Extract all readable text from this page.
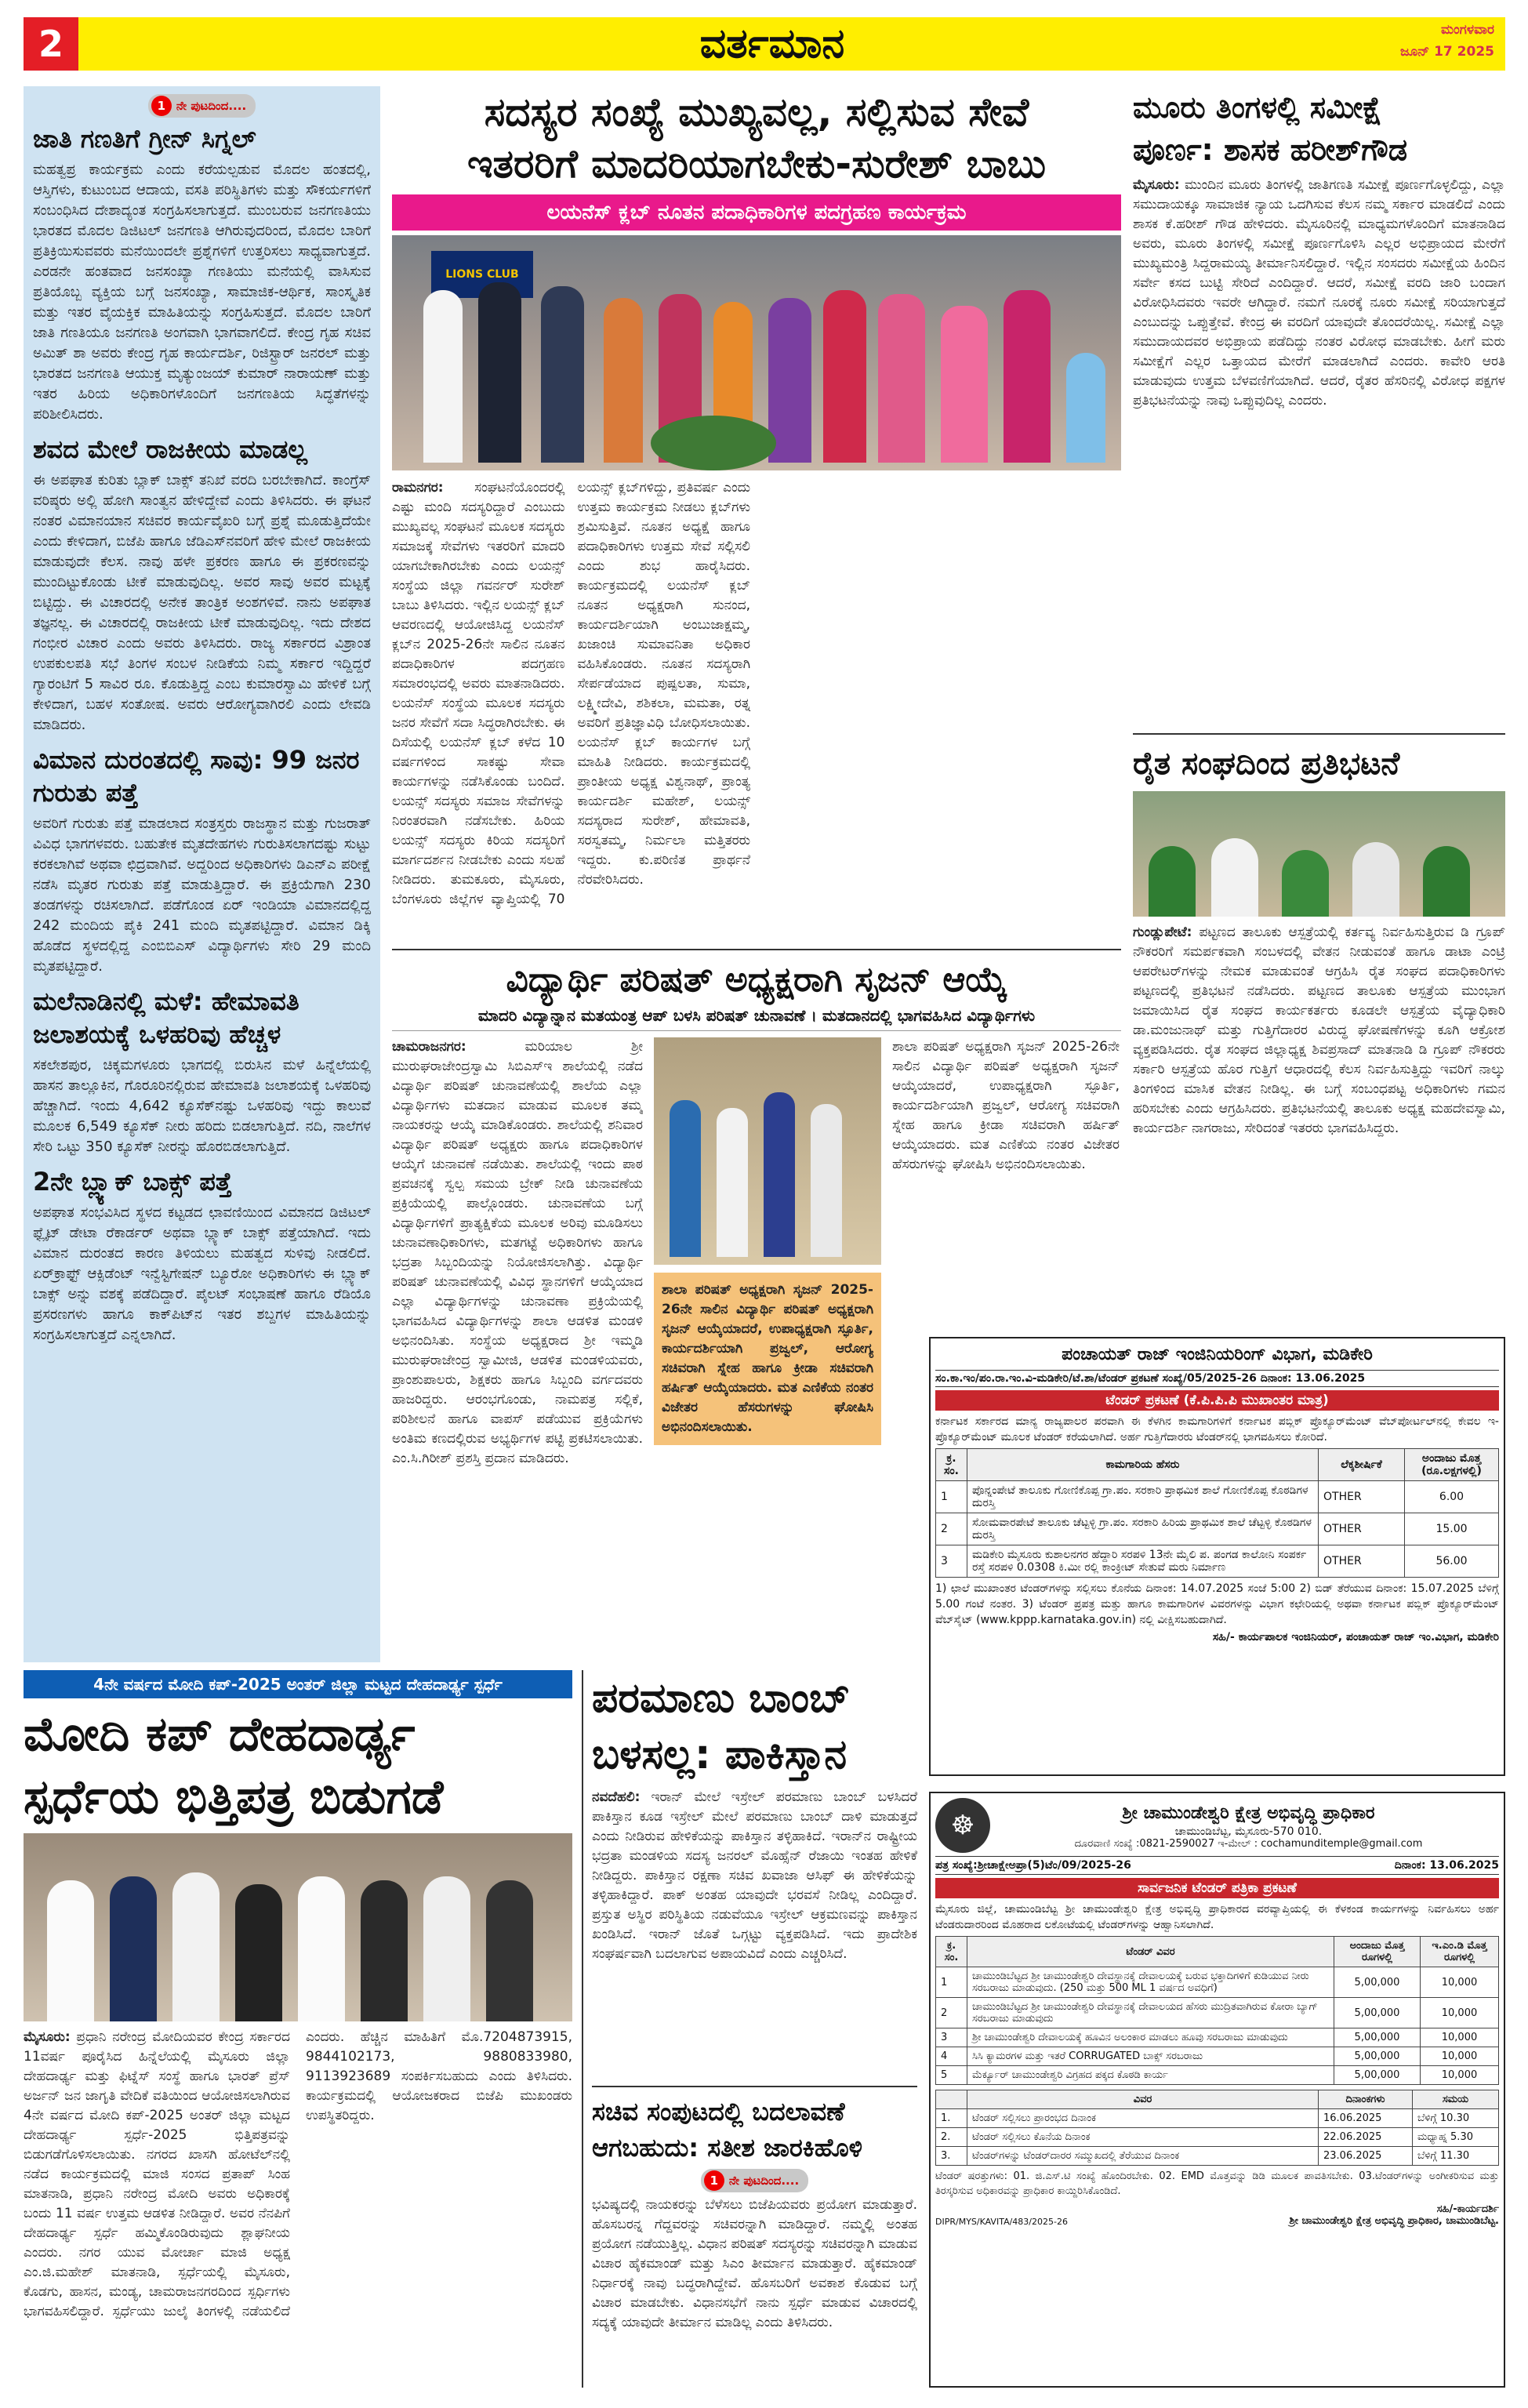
2	ವರ್ತಮಾನ	ಮಂಗಳವಾರ
ಜೂನ್ 17 2025
1 ನೇ ಪುಟದಿಂದ....
ಜಾತಿ ಗಣತಿಗೆ ಗ್ರೀನ್ ಸಿಗ್ನಲ್
ಮಹತ್ವಪ್ರ ಕಾರ್ಯಕ್ರಮ ಎಂದು ಕರೆಯಲ್ಪಡುವ ಮೊದಲ ಹಂತದಲ್ಲಿ, ಆಸ್ತಿಗಳು, ಕುಟುಂಬದ ಆದಾಯ, ವಸತಿ ಪರಿಸ್ಥಿತಿಗಳು ಮತ್ತು ಸೌಕರ್ಯಗಳಿಗೆ ಸಂಬಂಧಿಸಿದ ದೇಶಾದ್ಯಂತ ಸಂಗ್ರಹಿಸಲಾಗುತ್ತದೆ. ಮುಂಬರುವ ಜನಗಣತಿಯು ಭಾರತದ ಮೊದಲ ಡಿಜಿಟಲ್ ಜನಗಣತಿ ಆಗಿರುವುದರಿಂದ, ಮೊದಲ ಬಾರಿಗೆ ಪ್ರತಿಕ್ರಿಯಿಸುವವರು ಮನೆಯಿಂದಲೇ ಪ್ರಶ್ನೆಗಳಿಗೆ ಉತ್ತರಿಸಲು ಸಾಧ್ಯವಾಗುತ್ತದೆ. ಎರಡನೇ ಹಂತವಾದ ಜನಸಂಖ್ಯಾ ಗಣತಿಯು ಮನೆಯಲ್ಲಿ ವಾಸಿಸುವ ಪ್ರತಿಯೊಬ್ಬ ವ್ಯಕ್ತಿಯ ಬಗ್ಗೆ ಜನಸಂಖ್ಯಾ, ಸಾಮಾಜಿಕ-ಆರ್ಥಿಕ, ಸಾಂಸ್ಕೃತಿಕ ಮತ್ತು ಇತರ ವೈಯಕ್ತಿಕ ಮಾಹಿತಿಯನ್ನು ಸಂಗ್ರಹಿಸುತ್ತದೆ. ಮೊದಲ ಬಾರಿಗೆ ಜಾತಿ ಗಣತಿಯೂ ಜನಗಣತಿ ಅಂಗವಾಗಿ ಭಾಗವಾಗಲಿದೆ. ಕೇಂದ್ರ ಗೃಹ ಸಚಿವ ಅಮಿತ್ ಶಾ ಅವರು ಕೇಂದ್ರ ಗೃಹ ಕಾರ್ಯದರ್ಶಿ, ರಿಜಿಸ್ಟ್ರಾರ್ ಜನರಲ್ ಮತ್ತು ಭಾರತದ ಜನಗಣತಿ ಆಯುಕ್ತ ಮೃತ್ಯುಂಜಯ್ ಕುಮಾರ್ ನಾರಾಯಣ್ ಮತ್ತು ಇತರ ಹಿರಿಯ ಅಧಿಕಾರಿಗಳೊಂದಿಗೆ ಜನಗಣತಿಯ ಸಿದ್ಧತೆಗಳನ್ನು ಪರಿಶೀಲಿಸಿದರು.
ಶವದ ಮೇಲೆ ರಾಜಕೀಯ ಮಾಡಲ್ಲ
ಈ ಅಪಘಾತ ಕುರಿತು ಬ್ಲಾಕ್ ಬಾಕ್ಸ್ ತನಿಖೆ ವರದಿ ಬರಬೇಕಾಗಿದೆ. ಕಾಂಗ್ರೆಸ್ ವರಿಷ್ಠರು ಅಲ್ಲಿ ಹೋಗಿ ಸಾಂತ್ವನ ಹೇಳಿದ್ದೇವೆ ಎಂದು ತಿಳಿಸಿದರು. ಈ ಘಟನೆ ನಂತರ ವಿಮಾನಯಾನ ಸಚಿವರ ಕಾರ್ಯವೈಖರಿ ಬಗ್ಗೆ ಪ್ರಶ್ನೆ ಮೂಡುತ್ತಿದೆಯೇ ಎಂದು ಕೇಳಿದಾಗ, ಬಿಜೆಪಿ ಹಾಗೂ ಜೆಡಿಎಸ್‌ನವರಿಗೆ ಹೇಳಿ ಮೇಲೆ ರಾಜಕೀಯ ಮಾಡುವುದೇ ಕೆಲಸ. ನಾವು ಹಳೇ ಪ್ರಕರಣ ಹಾಗೂ ಈ ಪ್ರಕರಣವನ್ನು ಮುಂದಿಟ್ಟುಕೊಂಡು ಟೀಕೆ ಮಾಡುವುದಿಲ್ಲ. ಅವರ ಸಾವು ಅವರ ಮಟ್ಟಕ್ಕೆ ಬಿಟ್ಟಿದ್ದು. ಈ ವಿಚಾರದಲ್ಲಿ ಅನೇಕ ತಾಂತ್ರಿಕ ಅಂಶಗಳಿವೆ. ನಾನು ಅಪಘಾತ ತಜ್ಞನಲ್ಲ. ಈ ವಿಚಾರದಲ್ಲಿ ರಾಜಕೀಯ ಟೀಕೆ ಮಾಡುವುದಿಲ್ಲ. ಇದು ದೇಶದ ಗಂಭೀರ ವಿಚಾರ ಎಂದು ಅವರು ತಿಳಿಸಿದರು. ರಾಜ್ಯ ಸರ್ಕಾರದ ವಿಶ್ರಾಂತ ಉಪಕುಲಪತಿ ಸಭೆ ತಿಂಗಳ ಸಂಬಳ ನೀಡಿಕೆಯ ನಿಮ್ಮ ಸರ್ಕಾರ ಇದ್ದಿದ್ದರೆ ಗ್ಯಾರಂಟಿಗೆ 5 ಸಾವಿರ ರೂ. ಕೊಡುತ್ತಿದ್ದ ಎಂಬ ಕುಮಾರಸ್ವಾಮಿ ಹೇಳಿಕೆ ಬಗ್ಗೆ ಕೇಳಿದಾಗ, ಬಹಳ ಸಂತೋಷ. ಅವರು ಆರೋಗ್ಯವಾಗಿರಲಿ ಎಂದು ಲೇವಡಿ ಮಾಡಿದರು.
ವಿಮಾನ ದುರಂತದಲ್ಲಿ ಸಾವು: 99 ಜನರ ಗುರುತು ಪತ್ತೆ
ಅವರಿಗೆ ಗುರುತು ಪತ್ತೆ ಮಾಡಲಾದ ಸಂತ್ರಸ್ತರು ರಾಜಸ್ಥಾನ ಮತ್ತು ಗುಜರಾತ್ ವಿವಿಧ ಭಾಗಗಳವರು. ಬಹುತೇಕ ಮೃತದೇಹಗಳು ಗುರುತಿಸಲಾಗದಷ್ಟು ಸುಟ್ಟು ಕರಕಲಾಗಿವೆ ಅಥವಾ ಛಿದ್ರವಾಗಿವೆ. ಅದ್ದರಿಂದ ಅಧಿಕಾರಿಗಳು ಡಿಎನ್‌ಎ ಪರೀಕ್ಷೆ ನಡೆಸಿ ಮೃತರ ಗುರುತು ಪತ್ತೆ ಮಾಡುತ್ತಿದ್ದಾರೆ. ಈ ಪ್ರಕ್ರಿಯೆಗಾಗಿ 230 ತಂಡಗಳನ್ನು ರಚಿಸಲಾಗಿದೆ. ಪಡೆಗೊಂಡ ಏರ್ ಇಂಡಿಯಾ ವಿಮಾನದಲ್ಲಿದ್ದ 242 ಮಂದಿಯ ಪೈಕಿ 241 ಮಂದಿ ಮೃತಪಟ್ಟಿದ್ದಾರೆ. ವಿಮಾನ ಡಿಕ್ಕಿ ಹೊಡೆದ ಸ್ಥಳದಲ್ಲಿದ್ದ ಎಂಬಿಬಿಎಸ್ ವಿದ್ಯಾರ್ಥಿಗಳು ಸೇರಿ 29 ಮಂದಿ ಮೃತಪಟ್ಟಿದ್ದಾರೆ.
ಮಲೆನಾಡಿನಲ್ಲಿ ಮಳೆ: ಹೇಮಾವತಿ ಜಲಾಶಯಕ್ಕೆ ಒಳಹರಿವು ಹೆಚ್ಚಳ
ಸಕಲೇಶಪುರ, ಚಿಕ್ಕಮಗಳೂರು ಭಾಗದಲ್ಲಿ ಬಿರುಸಿನ ಮಳೆ ಹಿನ್ನೆಲೆಯಲ್ಲಿ ಹಾಸನ ತಾಲ್ಲೂಕಿನ, ಗೊರೂರಿನಲ್ಲಿರುವ ಹೇಮಾವತಿ ಜಲಾಶಯಕ್ಕೆ ಒಳಹರಿವು ಹೆಚ್ಚಾಗಿದೆ. ಇಂದು 4,642 ಕ್ಯೂಸೆಕ್‌ನಷ್ಟು ಒಳಹರಿವು ಇದ್ದು ಕಾಲುವೆ ಮೂಲಕ 6,549 ಕ್ಯೂಸೆಕ್ ನೀರು ಹರಿದು ಬಿಡಲಾಗುತ್ತಿದೆ. ನದಿ, ನಾಲೆಗಳ ಸೇರಿ ಒಟ್ಟು 350 ಕ್ಯೂಸೆಕ್ ನೀರನ್ನು ಹೊರಬಿಡಲಾಗುತ್ತಿದೆ.
2ನೇ ಬ್ಲ್ಯಾಕ್ ಬಾಕ್ಸ್ ಪತ್ತೆ
ಅಪಘಾತ ಸಂಭವಿಸಿದ ಸ್ಥಳದ ಕಟ್ಟಡದ ಛಾವಣಿಯಿಂದ ವಿಮಾನದ ಡಿಜಿಟಲ್ ಫ್ಲೈಟ್ ಡೇಟಾ ರೆಕಾರ್ಡರ್ ಅಥವಾ ಬ್ಲ್ಯಾಕ್ ಬಾಕ್ಸ್ ಪತ್ತೆಯಾಗಿದೆ. ಇದು ವಿಮಾನ ದುರಂತದ ಕಾರಣ ತಿಳಿಯಲು ಮಹತ್ವದ ಸುಳಿವು ನೀಡಲಿದೆ. ಏರ್‌ಕ್ರಾಫ್ಟ್ ಆಕ್ಸಿಡೆಂಟ್ ಇನ್ವೆಸ್ಟಿಗೇಷನ್ ಬ್ಯೂರೋ ಅಧಿಕಾರಿಗಳು ಈ ಬ್ಲ್ಯಾಕ್ ಬಾಕ್ಸ್ ಅನ್ನು ವಶಕ್ಕೆ ಪಡೆದಿದ್ದಾರೆ. ಪೈಲಟ್ ಸಂಭಾಷಣೆ ಹಾಗೂ ರೆಡಿಯೊ ಪ್ರಸರಣಗಳು ಹಾಗೂ ಕಾಕ್‌ಪಿಟ್‌ನ ಇತರ ಶಬ್ದಗಳ ಮಾಹಿತಿಯನ್ನು ಸಂಗ್ರಹಿಸಲಾಗುತ್ತದೆ ಎನ್ನಲಾಗಿದೆ.
ಸದಸ್ಯರ ಸಂಖ್ಯೆ ಮುಖ್ಯವಲ್ಲ, ಸಲ್ಲಿಸುವ ಸೇವೆ
ಇತರರಿಗೆ ಮಾದರಿಯಾಗಬೇಕು-ಸುರೇಶ್ ಬಾಬು
ಲಯನೆಸ್ ಕ್ಲಬ್ ನೂತನ ಪದಾಧಿಕಾರಿಗಳ ಪದಗ್ರಹಣ ಕಾರ್ಯಕ್ರಮ
LIONS CLUB
ರಾಮನಗರ: ಸಂಘಟನೆಯೊಂದರಲ್ಲಿ ಎಷ್ಟು ಮಂದಿ ಸದಸ್ಯರಿದ್ದಾರೆ ಎಂಬುದು ಮುಖ್ಯವಲ್ಲ ಸಂಘಟನೆ ಮೂಲಕ ಸದಸ್ಯರು ಸಮಾಜಕ್ಕೆ ಸೇವೆಗಳು ಇತರರಿಗೆ ಮಾದರಿ ಯಾಗಬೇಕಾಗಿರಬೇಕು ಎಂದು ಲಯನ್ಸ್ ಸಂಸ್ಥೆಯ ಜಿಲ್ಲಾ ಗವರ್ನರ್ ಸುರೇಶ್ ಬಾಬು ತಿಳಿಸಿದರು. ಇಲ್ಲಿನ ಲಯನ್ಸ್ ಕ್ಲಬ್ ಆವರಣದಲ್ಲಿ ಆಯೋಜಿಸಿದ್ದ ಲಯನೆಸ್ ಕ್ಲಬ್‌ನ 2025-26ನೇ ಸಾಲಿನ ನೂತನ ಪದಾಧಿಕಾರಿಗಳ ಪದಗ್ರಹಣ ಸಮಾರಂಭದಲ್ಲಿ ಅವರು ಮಾತನಾಡಿದರು. ಲಯನೆಸ್ ಸಂಸ್ಥೆಯ ಮೂಲಕ ಸದಸ್ಯರು ಜನರ ಸೇವೆಗೆ ಸದಾ ಸಿದ್ಧರಾಗಿರಬೇಕು. ಈ ದಿಸೆಯಲ್ಲಿ ಲಯನೆಸ್ ಕ್ಲಬ್ ಕಳೆದ 10 ವರ್ಷಗಳಿಂದ ಸಾಕಷ್ಟು ಸೇವಾ ಕಾರ್ಯಗಳನ್ನು ನಡೆಸಿಕೊಂಡು ಬಂದಿದೆ. ಲಯನ್ಸ್ ಸದಸ್ಯರು ಸಮಾಜ ಸೇವೆಗಳನ್ನು ನಿರಂತರವಾಗಿ ನಡೆಸಬೇಕು. ಹಿರಿಯ ಲಯನ್ಸ್ ಸದಸ್ಯರು ಕಿರಿಯ ಸದಸ್ಯರಿಗೆ ಮಾರ್ಗದರ್ಶನ ನೀಡಬೇಕು ಎಂದು ಸಲಹೆ ನೀಡಿದರು. ತುಮಕೂರು, ಮೈಸೂರು, ಬೆಂಗಳೂರು ಜಿಲ್ಲೆಗಳ ವ್ಯಾಪ್ತಿಯಲ್ಲಿ 70 ಲಯನ್ಸ್ ಕ್ಲಬ್‌ಗಳಿದ್ದು, ಪ್ರತಿವರ್ಷ ಎಂದು ಉತ್ತಮ ಕಾರ್ಯಕ್ರಮ ನೀಡಲು ಕ್ಲಬ್‌ಗಳು ಶ್ರಮಿಸುತ್ತಿವೆ. ನೂತನ ಅಧ್ಯಕ್ಷೆ ಹಾಗೂ ಪದಾಧಿಕಾರಿಗಳು ಉತ್ತಮ ಸೇವೆ ಸಲ್ಲಿಸಲಿ ಎಂದು ಶುಭ ಹಾರೈಸಿದರು. ಕಾರ್ಯಕ್ರಮದಲ್ಲಿ ಲಯನೆಸ್ ಕ್ಲಬ್ ನೂತನ ಅಧ್ಯಕ್ಷರಾಗಿ ಸುನಂದ, ಕಾರ್ಯದರ್ಶಿಯಾಗಿ ಅಂಬುಜಾಕ್ಷಮ್ಮ, ಖಜಾಂಚಿ ಸುಮಾವನಿತಾ ಅಧಿಕಾರ ವಹಿಸಿಕೊಂಡರು. ನೂತನ ಸದಸ್ಯರಾಗಿ ಸೇರ್ಪಡೆಯಾದ ಪುಷ್ಪಲತಾ, ಸುಮಾ, ಲಕ್ಷ್ಮೀದೇವಿ, ಶಶಿಕಲಾ, ಮಮತಾ, ರತ್ನ ಅವರಿಗೆ ಪ್ರತಿಜ್ಞಾವಿಧಿ ಬೋಧಿಸಲಾಯಿತು. ಲಯನೆಸ್ ಕ್ಲಬ್ ಕಾರ್ಯಗಳ ಬಗ್ಗೆ ಮಾಹಿತಿ ನೀಡಿದರು. ಕಾರ್ಯಕ್ರಮದಲ್ಲಿ ಪ್ರಾಂತೀಯ ಅಧ್ಯಕ್ಷ ವಿಶ್ವನಾಥ್, ಪ್ರಾಂತ್ಯ ಕಾರ್ಯದರ್ಶಿ ಮಹೇಶ್, ಲಯನ್ಸ್ ಸದಸ್ಯರಾದ ಸುರೇಶ್, ಹೇಮಾವತಿ, ಸರಸ್ವತಮ್ಮ, ನಿರ್ಮಲಾ ಮತ್ತಿತರರು ಇದ್ದರು. ಕು.ಪರಿಣಿತ ಪ್ರಾರ್ಥನೆ ನೆರವೇರಿಸಿದರು.
ವಿದ್ಯಾರ್ಥಿ ಪರಿಷತ್ ಅಧ್ಯಕ್ಷರಾಗಿ ಸೃಜನ್ ಆಯ್ಕೆ
ಮಾದರಿ ವಿದ್ಯಾನ್ನಾನ ಮತಯಂತ್ರ ಆಪ್ ಬಳಸಿ ಪರಿಷತ್ ಚುನಾವಣೆ । ಮತದಾನದಲ್ಲಿ ಭಾಗವಹಿಸಿದ ವಿದ್ಯಾರ್ಥಿಗಳು
ಚಾಮರಾಜನಗರ:	ಮರಿಯಾಲ ಶ್ರೀ ಮುರುಘರಾಜೇಂದ್ರಸ್ವಾಮಿ ಸಿಬಿಎಸ್ಇ ಶಾಲೆಯಲ್ಲಿ ನಡೆದ ವಿದ್ಯಾರ್ಥಿ ಪರಿಷತ್ ಚುನಾವಣೆಯಲ್ಲಿ ಶಾಲೆಯ ಎಲ್ಲಾ ವಿದ್ಯಾರ್ಥಿಗಳು ಮತದಾನ ಮಾಡುವ ಮೂಲಕ ತಮ್ಮ ನಾಯಕರನ್ನು ಆಯ್ಕೆ ಮಾಡಿಕೊಂಡರು. ಶಾಲೆಯಲ್ಲಿ ಶನಿವಾರ ವಿದ್ಯಾರ್ಥಿ ಪರಿಷತ್ ಅಧ್ಯಕ್ಷರು ಹಾಗೂ ಪದಾಧಿಕಾರಿಗಳ ಆಯ್ಕೆಗೆ ಚುನಾವಣೆ ನಡೆಯಿತು. ಶಾಲೆಯಲ್ಲಿ ಇಂದು ಪಾಠ ಪ್ರವಚನಕ್ಕೆ ಸ್ವಲ್ಪ ಸಮಯ ಬ್ರೇಕ್ ನೀಡಿ ಚುನಾವಣೆಯ ಪ್ರಕ್ರಿಯೆಯಲ್ಲಿ ಪಾಲ್ಗೊಂಡರು. ಚುನಾವಣೆಯ ಬಗ್ಗೆ ವಿದ್ಯಾರ್ಥಿಗಳಿಗೆ ಪ್ರಾತ್ಯಕ್ಷಿಕೆಯ ಮೂಲಕ ಅರಿವು ಮೂಡಿಸಲು ಚುನಾವಣಾಧಿಕಾರಿಗಳು, ಮತಗಟ್ಟೆ ಅಧಿಕಾರಿಗಳು ಹಾಗೂ ಭದ್ರತಾ ಸಿಬ್ಬಂದಿಯನ್ನು ನಿಯೋಜಿಸಲಾಗಿತ್ತು. ವಿದ್ಯಾರ್ಥಿ ಪರಿಷತ್ ಚುನಾವಣೆಯಲ್ಲಿ ವಿವಿಧ ಸ್ಥಾನಗಳಿಗೆ ಆಯ್ಕೆಯಾದ ಎಲ್ಲಾ ವಿದ್ಯಾರ್ಥಿಗಳನ್ನು ಚುನಾವಣಾ ಪ್ರಕ್ರಿಯೆಯಲ್ಲಿ ಭಾಗವಹಿಸಿದ ವಿದ್ಯಾರ್ಥಿಗಳನ್ನು ಶಾಲಾ ಆಡಳಿತ ಮಂಡಳಿ ಅಭಿನಂದಿಸಿತು. ಸಂಸ್ಥೆಯ ಅಧ್ಯಕ್ಷರಾದ ಶ್ರೀ ಇಮ್ಮಡಿ ಮುರುಘರಾಜೇಂದ್ರ ಸ್ವಾಮೀಜಿ, ಆಡಳಿತ ಮಂಡಳಿಯವರು, ಪ್ರಾಂಶುಪಾಲರು, ಶಿಕ್ಷಕರು ಹಾಗೂ ಸಿಬ್ಬಂದಿ ವರ್ಗದವರು ಹಾಜರಿದ್ದರು. ಆರಂಭಗೊಂಡು, ನಾಮಪತ್ರ ಸಲ್ಲಿಕೆ, ಪರಿಶೀಲನೆ ಹಾಗೂ ವಾಪಸ್ ಪಡೆಯುವ ಪ್ರಕ್ರಿಯೆಗಳು ಅಂತಿಮ ಕಣದಲ್ಲಿರುವ ಅಭ್ಯರ್ಥಿಗಳ ಪಟ್ಟಿ ಪ್ರಕಟಿಸಲಾಯಿತು. ಎಂ.ಸಿ.ಗಿರೀಶ್ ಪ್ರಶಸ್ತಿ ಪ್ರದಾನ ಮಾಡಿದರು.
ಶಾಲಾ ಪರಿಷತ್ ಅಧ್ಯಕ್ಷರಾಗಿ ಸೃಜನ್ 2025-26ನೇ ಸಾಲಿನ ವಿದ್ಯಾರ್ಥಿ ಪರಿಷತ್ ಅಧ್ಯಕ್ಷರಾಗಿ ಸೃಜನ್ ಆಯ್ಕೆಯಾದರೆ, ಉಪಾಧ್ಯಕ್ಷರಾಗಿ ಸ್ಫೂರ್ತಿ, ಕಾರ್ಯದರ್ಶಿಯಾಗಿ ಪ್ರಜ್ವಲ್, ಆರೋಗ್ಯ ಸಚಿವರಾಗಿ ಸ್ನೇಹ ಹಾಗೂ ಕ್ರೀಡಾ ಸಚಿವರಾಗಿ ಹರ್ಷಿತ್ ಆಯ್ಕೆಯಾದರು. ಮತ ಎಣಿಕೆಯ ನಂತರ ವಿಜೇತರ ಹೆಸರುಗಳನ್ನು ಘೋಷಿಸಿ ಅಭಿನಂದಿಸಲಾಯಿತು.
ಶಾಲಾ ಪರಿಷತ್ ಅಧ್ಯಕ್ಷರಾಗಿ ಸೃಜನ್ 2025-26ನೇ ಸಾಲಿನ ವಿದ್ಯಾರ್ಥಿ ಪರಿಷತ್ ಅಧ್ಯಕ್ಷರಾಗಿ ಸೃಜನ್ ಆಯ್ಕೆಯಾದರೆ, ಉಪಾಧ್ಯಕ್ಷರಾಗಿ ಸ್ಫೂರ್ತಿ, ಕಾರ್ಯದರ್ಶಿಯಾಗಿ ಪ್ರಜ್ವಲ್, ಆರೋಗ್ಯ ಸಚಿವರಾಗಿ ಸ್ನೇಹ ಹಾಗೂ ಕ್ರೀಡಾ ಸಚಿವರಾಗಿ ಹರ್ಷಿತ್ ಆಯ್ಕೆಯಾದರು. ಮತ ಎಣಿಕೆಯ ನಂತರ ವಿಜೇತರ ಹೆಸರುಗಳನ್ನು ಘೋಷಿಸಿ ಅಭಿನಂದಿಸಲಾಯಿತು.
ಮೂರು ತಿಂಗಳಲ್ಲಿ ಸಮೀಕ್ಷೆ
ಪೂರ್ಣ: ಶಾಸಕ ಹರೀಶ್‌ಗೌಡ
ಮೈಸೂರು: ಮುಂದಿನ ಮೂರು ತಿಂಗಳಲ್ಲಿ ಜಾತಿಗಣತಿ ಸಮೀಕ್ಷೆ ಪೂರ್ಣಗೊಳ್ಳಲಿದ್ದು, ಎಲ್ಲಾ ಸಮುದಾಯಕ್ಕೂ ಸಾಮಾಜಿಕ ನ್ಯಾಯ ಒದಗಿಸುವ ಕೆಲಸ ನಮ್ಮ ಸರ್ಕಾರ ಮಾಡಲಿದೆ ಎಂದು ಶಾಸಕ ಕೆ.ಹರೀಶ್ ಗೌಡ ಹೇಳಿದರು. ಮೈಸೂರಿನಲ್ಲಿ ಮಾಧ್ಯಮಗಳೊಂದಿಗೆ ಮಾತನಾಡಿದ ಅವರು, ಮೂರು ತಿಂಗಳಲ್ಲಿ ಸಮೀಕ್ಷೆ ಪೂರ್ಣಗೊಳಿಸಿ ಎಲ್ಲರ ಅಭಿಪ್ರಾಯದ ಮೇರೆಗೆ ಮುಖ್ಯಮಂತ್ರಿ ಸಿದ್ದರಾಮಯ್ಯ ತೀರ್ಮಾನಿಸಲಿದ್ದಾರೆ. ಇಲ್ಲಿನ ಸಂಸದರು ಸಮೀಕ್ಷೆಯ ಹಿಂದಿನ ಸರ್ವೇ ಕಸದ ಬುಟ್ಟಿ ಸೇರಿದೆ ಎಂದಿದ್ದಾರೆ. ಆದರೆ, ಸಮೀಕ್ಷೆ ವರದಿ ಜಾರಿ ಬಂದಾಗ ವಿರೋಧಿಸಿದವರು ಇವರೇ ಆಗಿದ್ದಾರೆ. ನಮಗೆ ನೂರಕ್ಕೆ ನೂರು ಸಮೀಕ್ಷೆ ಸರಿಯಾಗುತ್ತದೆ ಎಂಬುದನ್ನು ಒಪ್ಪುತ್ತೇವೆ. ಕೇಂದ್ರ ಈ ವರದಿಗೆ ಯಾವುದೇ ತೊಂದರೆಯಿಲ್ಲ. ಸಮೀಕ್ಷೆ ಎಲ್ಲಾ ಸಮುದಾಯದವರ ಅಭಿಪ್ರಾಯ ಪಡೆದಿದ್ದು ನಂತರ ವಿರೋಧ ಮಾಡಬೇಕು. ಹೀಗೆ ಮರು ಸಮೀಕ್ಷೆಗೆ ಎಲ್ಲರ ಒತ್ತಾಯದ ಮೇರೆಗೆ ಮಾಡಲಾಗಿದೆ ಎಂದರು. ಕಾವೇರಿ ಆರತಿ ಮಾಡುವುದು ಉತ್ತಮ ಬೆಳವಣಿಗೆಯಾಗಿದೆ. ಆದರೆ, ರೈತರ ಹೆಸರಿನಲ್ಲಿ ವಿರೋಧ ಪಕ್ಷಗಳ ಪ್ರತಿಭಟನೆಯನ್ನು ನಾವು ಒಪ್ಪುವುದಿಲ್ಲ ಎಂದರು.
ರೈತ ಸಂಘದಿಂದ ಪ್ರತಿಭಟನೆ
ಗುಂಡ್ಲುಪೇಟೆ: ಪಟ್ಟಣದ ತಾಲೂಕು ಆಸ್ಪತ್ರೆಯಲ್ಲಿ ಕರ್ತವ್ಯ ನಿರ್ವಹಿಸುತ್ತಿರುವ ಡಿ ಗ್ರೂಪ್ ನೌಕರರಿಗೆ ಸಮರ್ಪಕವಾಗಿ ಸಂಬಳದಲ್ಲಿ ವೇತನ ನೀಡುವಂತೆ ಹಾಗೂ ಡಾಟಾ ಎಂಟ್ರಿ ಆಪರೇಟರ್‌ಗಳನ್ನು ನೇಮಕ ಮಾಡುವಂತೆ ಆಗ್ರಹಿಸಿ ರೈತ ಸಂಘದ ಪದಾಧಿಕಾರಿಗಳು ಪಟ್ಟಣದಲ್ಲಿ ಪ್ರತಿಭಟನೆ ನಡೆಸಿದರು. ಪಟ್ಟಣದ ತಾಲೂಕು ಆಸ್ಪತ್ರೆಯ ಮುಂಭಾಗ ಜಮಾಯಿಸಿದ ರೈತ ಸಂಘದ ಕಾರ್ಯಕರ್ತರು ಕೂಡಲೇ ಆಸ್ಪತ್ರೆಯ ವೈದ್ಯಾಧಿಕಾರಿ ಡಾ.ಮಂಜುನಾಥ್ ಮತ್ತು ಗುತ್ತಿಗೆದಾರರ ವಿರುದ್ಧ ಘೋಷಣೆಗಳನ್ನು ಕೂಗಿ ಆಕ್ರೋಶ ವ್ಯಕ್ತಪಡಿಸಿದರು. ರೈತ ಸಂಘದ ಜಿಲ್ಲಾಧ್ಯಕ್ಷ ಶಿವಪ್ರಸಾದ್ ಮಾತನಾಡಿ ಡಿ ಗ್ರೂಪ್ ನೌಕರರು ಸರ್ಕಾರಿ ಆಸ್ಪತ್ರೆಯ ಹೊರ ಗುತ್ತಿಗೆ ಆಧಾರದಲ್ಲಿ ಕೆಲಸ ನಿರ್ವಹಿಸುತ್ತಿದ್ದು ಇವರಿಗೆ ನಾಲ್ಕು ತಿಂಗಳಿಂದ ಮಾಸಿಕ ವೇತನ ನೀಡಿಲ್ಲ. ಈ ಬಗ್ಗೆ ಸಂಬಂಧಪಟ್ಟ ಅಧಿಕಾರಿಗಳು ಗಮನ ಹರಿಸಬೇಕು ಎಂದು ಆಗ್ರಹಿಸಿದರು. ಪ್ರತಿಭಟನೆಯಲ್ಲಿ ತಾಲೂಕು ಅಧ್ಯಕ್ಷ ಮಹದೇವಸ್ವಾಮಿ, ಕಾರ್ಯದರ್ಶಿ ನಾಗರಾಜು, ಸೇರಿದಂತೆ ಇತರರು ಭಾಗವಹಿಸಿದ್ದರು.
ಪಂಚಾಯತ್ ರಾಜ್ ಇಂಜಿನಿಯರಿಂಗ್ ವಿಭಾಗ, ಮಡಿಕೇರಿ
ಸಂ.ಕಾ.ಇಂ/ಪಂ.ರಾ.ಇಂ.ವಿ-ಮಡಿಕೇರಿ/ಟೆ.ಶಾ/ಟೆಂಡರ್ ಪ್ರಕಟಣೆ ಸಂಖ್ಯೆ/05/2025-26 ದಿನಾಂಕ: 13.06.2025
ಟೆಂಡರ್ ಪ್ರಕಟಣೆ (ಕೆ.ಪಿ.ಪಿ.ಪಿ ಮುಖಾಂತರ ಮಾತ್ರ)
ಕರ್ನಾಟಕ ಸರ್ಕಾರದ ಮಾನ್ಯ ರಾಜ್ಯಪಾಲರ ಪರವಾಗಿ ಈ ಕೆಳಗಿನ ಕಾಮಗಾರಿಗಳಿಗೆ ಕರ್ನಾಟಕ ಪಬ್ಲಿಕ್ ಪ್ರೊಕ್ಯೂರ್‌ಮೆಂಟ್ ವೆಬ್‌ಪೋರ್ಟಲ್‌ನಲ್ಲಿ ಕೇವಲ ಇ-ಪ್ರೊಕ್ಯೂರ್‌ಮೆಂಟ್ ಮೂಲಕ ಟೆಂಡರ್ ಕರೆಯಲಾಗಿದೆ. ಅರ್ಹ ಗುತ್ತಿಗೆದಾರರು ಟೆಂಡರ್‌ನಲ್ಲಿ ಭಾಗವಹಿಸಲು ಕೋರಿದೆ.
ಕ್ರ. ಸಂ.	ಕಾಮಗಾರಿಯ ಹೆಸರು	ಲೆಕ್ಕಶೀರ್ಷಿಕೆ	ಅಂದಾಜು ಮೊತ್ತ (ರೂ.ಲಕ್ಷಗಳಲ್ಲಿ)
1	ಪೊನ್ನಂಪೇಟೆ ತಾಲೂಕು ಗೋಣಿಕೊಪ್ಪ ಗ್ರಾ.ಪಂ. ಸರಕಾರಿ ಪ್ರಾಥಮಿಕ ಶಾಲೆ ಗೋಣಿಕೊಪ್ಪ ಕೊಠಡಿಗಳ ದುರಸ್ತಿ	OTHER	6.00
2	ಸೋಮವಾರಪೇಟೆ ತಾಲೂಕು ಚೆಟ್ಟಳ್ಳಿ ಗ್ರಾ.ಪಂ. ಸರಕಾರಿ ಹಿರಿಯ ಪ್ರಾಥಮಿಕ ಶಾಲೆ ಚೆಟ್ಟಳ್ಳಿ ಕೊಠಡಿಗಳ ದುರಸ್ತಿ	OTHER	15.00
3	ಮಡಿಕೇರಿ ಮೈಸೂರು ಕುಶಾಲನಗರ ಹೆದ್ದಾರಿ ಸರಪಳಿ 13ನೇ ಮೈಲಿ ಪ. ಪಂಗಡ ಕಾಲೋನಿ ಸಂಪರ್ಕ ರಸ್ತೆ ಸರಪಳಿ 0.0308 ಕಿ.ಮೀ ರಲ್ಲಿ ಕಾಂಕ್ರೀಟ್ ಸೇತುವೆ ಮರು ನಿರ್ಮಾಣ	OTHER	56.00
1) ಛಾಲೆ ಮುಖಾಂತರ ಟೆಂಡರ್‌ಗಳನ್ನು ಸಲ್ಲಿಸಲು ಕೊನೆಯ ದಿನಾಂಕ: 14.07.2025 ಸಂಜೆ 5:00 2) ಬಿಡ್ ತೆರೆಯುವ ದಿನಾಂಕ: 15.07.2025 ಬೆಳಿಗ್ಗೆ 5.00 ಗಂಟೆ ನಂತರ. 3) ಟೆಂಡರ್ ಪ್ರಪತ್ರ ಮತ್ತು ಹಾಗೂ ಕಾಮಗಾರಿಗಳ ವಿವರಗಳನ್ನು ವಿಭಾಗ ಕಛೇರಿಯಲ್ಲಿ ಅಥವಾ ಕರ್ನಾಟಕ ಪಬ್ಲಿಕ್ ಪ್ರೊಕ್ಯೂರ್‌ಮೆಂಟ್ ವೆಬ್‌ಸೈಟ್ (www.kppp.karnataka.gov.in) ನಲ್ಲಿ ವೀಕ್ಷಿಸಬಹುದಾಗಿದೆ.
ಸಹಿ/- ಕಾರ್ಯಪಾಲಕ ಇಂಜಿನಿಯರ್, ಪಂಚಾಯತ್ ರಾಜ್ ಇಂ.ವಿಭಾಗ, ಮಡಿಕೇರಿ
☸	ಶ್ರೀ ಚಾಮುಂಡೇಶ್ವರಿ ಕ್ಷೇತ್ರ ಅಭಿವೃದ್ಧಿ ಪ್ರಾಧಿಕಾರ
ಚಾಮುಂಡಿಬೆಟ್ಟ, ಮೈಸೂರು-570 010.
ದೂರವಾಣಿ ಸಂಖ್ಯೆ :0821-2590027 ಇ-ಮೇಲ್ : cochamunditemple@gmail.com
ಪತ್ರ ಸಂಖ್ಯೆ:ಶ್ರೀಚಾಕ್ಷೇಅಪ್ರಾ(5)ಟೆಂ/09/2025-26	ದಿನಾಂಕ: 13.06.2025
ಸಾರ್ವಜನಿಕ ಟೆಂಡರ್ ಪತ್ರಿಕಾ ಪ್ರಕಟಣೆ
ಮೈಸೂರು ಜಿಲ್ಲೆ, ಚಾಮುಂಡಿಬೆಟ್ಟ ಶ್ರೀ ಚಾಮುಂಡೇಶ್ವರಿ ಕ್ಷೇತ್ರ ಅಭಿವೃದ್ಧಿ ಪ್ರಾಧಿಕಾರದ ವರವ್ಯಾಪ್ತಿಯಲ್ಲಿ ಈ ಕೆಳಕಂಡ ಕಾರ್ಯಗಳನ್ನು ನಿರ್ವಹಿಸಲು ಅರ್ಹ ಟೆಂಡರುದಾರರಿಂದ ಮೊಹರಾದ ಲಕೋಟೆಯಲ್ಲಿ ಟೆಂಡರ್‌ಗಳನ್ನು ಆಹ್ವಾನಿಸಲಾಗಿದೆ.
ಕ್ರ. ಸಂ.	ಟೆಂಡರ್ ವಿವರ	ಅಂದಾಜು ಮೊತ್ತ ರೂಗಳಲ್ಲಿ	ಇ.ಎಂ.ಡಿ ಮೊತ್ತ ರೂಗಳಲ್ಲಿ
1	ಚಾಮುಂಡಿಬೆಟ್ಟದ ಶ್ರೀ ಚಾಮುಂಡೇಶ್ವರಿ ದೇವಸ್ಥಾನಕ್ಕೆ ದೇವಾಲಯಕ್ಕೆ ಬರುವ ಭಕ್ತಾದಿಗಳಿಗೆ ಕುಡಿಯುವ ನೀರು ಸರಬರಾಜು ಮಾಡುವುದು. (250 ಮತ್ತು 500 ML 1 ವರ್ಷದ ಅವಧಿಗೆ)	5,00,000	10,000
2	ಚಾಮುಂಡಿಬೆಟ್ಟದ ಶ್ರೀ ಚಾಮುಂಡೇಶ್ವರಿ ದೇವಸ್ಥಾನಕ್ಕೆ ದೇವಾಲಯದ ಹೆಸರು ಮುದ್ರಿತವಾಗಿರುವ ಕೋರಾ ಬ್ಯಾಗ್ ಸರಬರಾಜು ಮಾಡುವುದು	5,00,000	10,000
3	ಶ್ರೀ ಚಾಮುಂಡೇಶ್ವರಿ ದೇವಾಲಯಕ್ಕೆ ಹೂವಿನ ಅಲಂಕಾರ ಮಾಡಲು ಹೂವು ಸರಬರಾಜು ಮಾಡುವುದು	5,00,000	10,000
4	ಸಿಸಿ ಕ್ಯಾಮರಗಳ ಮತ್ತು ಇತರೆ CORRUGATED ಬಾಕ್ಸ್ ಸರಬರಾಜು	5,00,000	10,000
5	ಮೆರ್ಕ್ಯೂರ್ ಚಾಮುಂಡೇಶ್ವರಿ ವಿಗ್ರಹದ ಪಕ್ಕದ ಕೊಠಡಿ ಕಾರ್ಯ	5,00,000	10,000
	ವಿವರ	ದಿನಾಂಕಗಳು	ಸಮಯ
1.	ಟೆಂಡರ್ ಸಲ್ಲಿಸಲು ಪ್ರಾರಂಭದ ದಿನಾಂಕ	16.06.2025	ಬೆಳಿಗ್ಗೆ 10.30
2.	ಟೆಂಡರ್ ಸಲ್ಲಿಸಲು ಕೊನೆಯ ದಿನಾಂಕ	22.06.2025	ಮಧ್ಯಾಹ್ನ 5.30
3.	ಟೆಂಡರ್‌ಗಳನ್ನು ಟೆಂಡರ್‌ದಾರರ ಸಮ್ಮುಖದಲ್ಲಿ ತೆರೆಯುವ ದಿನಾಂಕ	23.06.2025	ಬೆಳಿಗ್ಗೆ 11.30
ಟೆಂಡರ್ ಷರತ್ತುಗಳು: 01. ಜಿ.ಎಸ್.ಟಿ ಸಂಖ್ಯೆ ಹೊಂದಿರಬೇಕು. 02. EMD ಮೊತ್ತವನ್ನು ಡಿಡಿ ಮೂಲಕ ಪಾವತಿಸಬೇಕು. 03.ಟೆಂಡರ್‌ಗಳನ್ನು ಅಂಗೀಕರಿಸುವ ಮತ್ತು ತಿರಸ್ಕರಿಸುವ ಅಧಿಕಾರವನ್ನು ಪ್ರಾಧಿಕಾರ ಕಾಯ್ದಿರಿಸಿಕೊಂಡಿದೆ.
DIPR/MYS/KAVITA/483/2025-26
ಸಹಿ/-ಕಾರ್ಯದರ್ಶಿ
ಶ್ರೀ ಚಾಮುಂಡೇಶ್ವರಿ ಕ್ಷೇತ್ರ ಅಭಿವೃದ್ಧಿ ಪ್ರಾಧಿಕಾರ, ಚಾಮುಂಡಿಬೆಟ್ಟ.
4ನೇ ವರ್ಷದ ಮೋದಿ ಕಪ್-2025 ಅಂತರ್ ಜಿಲ್ಲಾ ಮಟ್ಟದ ದೇಹದಾರ್ಢ್ಯ ಸ್ಪರ್ಧೆ
ಮೋದಿ ಕಪ್ ದೇಹದಾರ್ಢ್ಯ
ಸ್ಪರ್ಧೆಯ ಭಿತ್ತಿಪತ್ರ ಬಿಡುಗಡೆ
ಮೈಸೂರು: ಪ್ರಧಾನಿ ನರೇಂದ್ರ ಮೋದಿಯವರ ಕೇಂದ್ರ ಸರ್ಕಾರದ 11ವರ್ಷ ಪೂರೈಸಿದ ಹಿನ್ನೆಲೆಯಲ್ಲಿ ಮೈಸೂರು ಜಿಲ್ಲಾ ದೇಹದಾರ್ಢ್ಯ ಮತ್ತು ಫಿಟ್ನೆಸ್ ಸಂಸ್ಥೆ ಹಾಗೂ ಭಾರತ್ ಪ್ರೆಸ್ ಅರ್ಜನ್ ಜನ ಜಾಗೃತಿ ವೇದಿಕೆ ವತಿಯಿಂದ ಆಯೋಜಿಸಲಾಗಿರುವ 4ನೇ ವರ್ಷದ ಮೋದಿ ಕಪ್-2025 ಅಂತರ್ ಜಿಲ್ಲಾ ಮಟ್ಟದ ದೇಹದಾರ್ಢ್ಯ ಸ್ಪರ್ಧೆ-2025 ಭಿತ್ತಿಪತ್ರವನ್ನು ಬಿಡುಗಡೆಗೊಳಿಸಲಾಯಿತು. ನಗರದ ಖಾಸಗಿ ಹೋಟೆಲ್‌ನಲ್ಲಿ ನಡೆದ ಕಾರ್ಯಕ್ರಮದಲ್ಲಿ ಮಾಜಿ ಸಂಸದ ಪ್ರತಾಪ್ ಸಿಂಹ ಮಾತನಾಡಿ, ಪ್ರಧಾನಿ ನರೇಂದ್ರ ಮೋದಿ ಅವರು ಅಧಿಕಾರಕ್ಕೆ ಬಂದು 11 ವರ್ಷ ಉತ್ತಮ ಆಡಳಿತ ನೀಡಿದ್ದಾರೆ. ಅವರ ನೆನಪಿಗೆ ದೇಹದಾರ್ಢ್ಯ ಸ್ಪರ್ಧೆ ಹಮ್ಮಿಕೊಂಡಿರುವುದು ಶ್ಲಾಘನೀಯ ಎಂದರು. ನಗರ ಯುವ ಮೋರ್ಚಾ ಮಾಜಿ ಅಧ್ಯಕ್ಷ ಎಂ.ಜಿ.ಮಹೇಶ್ ಮಾತನಾಡಿ, ಸ್ಪರ್ಧೆಯಲ್ಲಿ ಮೈಸೂರು, ಕೊಡಗು, ಹಾಸನ, ಮಂಡ್ಯ, ಚಾಮರಾಜನಗರದಿಂದ ಸ್ಪರ್ಧಿಗಳು ಭಾಗವಹಿಸಲಿದ್ದಾರೆ. ಸ್ಪರ್ಧೆಯು ಜುಲೈ ತಿಂಗಳಲ್ಲಿ ನಡೆಯಲಿದೆ ಎಂದರು. ಹೆಚ್ಚಿನ ಮಾಹಿತಿಗೆ ಮೊ.7204873915, 9844102173, 9880833980, 9113923689 ಸಂಪರ್ಕಿಸಬಹುದು ಎಂದು ತಿಳಿಸಿದರು. ಕಾರ್ಯಕ್ರಮದಲ್ಲಿ ಆಯೋಜಕರಾದ ಬಿಜೆಪಿ ಮುಖಂಡರು ಉಪಸ್ಥಿತರಿದ್ದರು.
ಪರಮಾಣು ಬಾಂಬ್
ಬಳಸಲ್ಲ: ಪಾಕಿಸ್ತಾನ
ನವದೆಹಲಿ: ಇರಾನ್ ಮೇಲೆ ಇಸ್ರೇಲ್ ಪರಮಾಣು ಬಾಂಬ್ ಬಳಸಿದರೆ ಪಾಕಿಸ್ತಾನ ಕೂಡ ಇಸ್ರೇಲ್ ಮೇಲೆ ಪರಮಾಣು ಬಾಂಬ್ ದಾಳಿ ಮಾಡುತ್ತದೆ ಎಂದು ನೀಡಿರುವ ಹೇಳಿಕೆಯನ್ನು ಪಾಕಿಸ್ತಾನ ತಳ್ಳಿಹಾಕಿದೆ. ಇರಾನ್‌ನ ರಾಷ್ಟ್ರೀಯ ಭದ್ರತಾ ಮಂಡಳಿಯ ಸದಸ್ಯ ಜನರಲ್ ಮೊಹ್ಸೆನ್ ರೆಜಾಯಿ ಇಂತಹ ಹೇಳಿಕೆ ನೀಡಿದ್ದರು. ಪಾಕಿಸ್ತಾನ ರಕ್ಷಣಾ ಸಚಿವ ಖವಾಜಾ ಆಸಿಫ್ ಈ ಹೇಳಿಕೆಯನ್ನು ತಳ್ಳಿಹಾಕಿದ್ದಾರೆ. ಪಾಕ್ ಅಂತಹ ಯಾವುದೇ ಭರವಸೆ ನೀಡಿಲ್ಲ ಎಂದಿದ್ದಾರೆ. ಪ್ರಸ್ತುತ ಅಸ್ಥಿರ ಪರಿಸ್ಥಿತಿಯ ನಡುವೆಯೂ ಇಸ್ರೇಲ್ ಆಕ್ರಮಣವನ್ನು ಪಾಕಿಸ್ತಾನ ಖಂಡಿಸಿದೆ. ಇರಾನ್ ಜೊತೆ ಒಗ್ಗಟ್ಟು ವ್ಯಕ್ತಪಡಿಸಿದೆ. ಇದು ಪ್ರಾದೇಶಿಕ ಸಂಘರ್ಷವಾಗಿ ಬದಲಾಗುವ ಅಪಾಯವಿದೆ ಎಂದು ಎಚ್ಚರಿಸಿದೆ.
ಸಚಿವ ಸಂಪುಟದಲ್ಲಿ ಬದಲಾವಣೆ
ಆಗಬಹುದು: ಸತೀಶ ಜಾರಕಿಹೊಳಿ
1 ನೇ ಪುಟದಿಂದ....
ಭವಿಷ್ಯದಲ್ಲಿ ನಾಯಕರನ್ನು ಬೆಳೆಸಲು ಬಿಜೆಪಿಯವರು ಪ್ರಯೋಗ ಮಾಡುತ್ತಾರೆ. ಹೊಸಬರನ್ನ ಗೆದ್ದವರನ್ನು ಸಚಿವರನ್ನಾಗಿ ಮಾಡಿದ್ದಾರೆ. ನಮ್ಮಲ್ಲಿ ಅಂತಹ ಪ್ರಯೋಗ ನಡೆಯುತ್ತಿಲ್ಲ. ವಿಧಾನ ಪರಿಷತ್ ಸದಸ್ಯರನ್ನು ಸಚಿವರನ್ನಾಗಿ ಮಾಡುವ ವಿಚಾರ ಹೈಕಮಾಂಡ್ ಮತ್ತು ಸಿಎಂ ತೀರ್ಮಾನ ಮಾಡುತ್ತಾರೆ. ಹೈಕಮಾಂಡ್ ನಿರ್ಧಾರಕ್ಕೆ ನಾವು ಬದ್ಧರಾಗಿದ್ದೇವೆ. ಹೊಸಬರಿಗೆ ಅವಕಾಶ ಕೊಡುವ ಬಗ್ಗೆ ವಿಚಾರ ಮಾಡಬೇಕು. ವಿಧಾನಸಭೆಗೆ ನಾನು ಸ್ಪರ್ಧೆ ಮಾಡುವ ವಿಚಾರದಲ್ಲಿ ಸದ್ಯಕ್ಕೆ ಯಾವುದೇ ತೀರ್ಮಾನ ಮಾಡಿಲ್ಲ ಎಂದು ತಿಳಿಸಿದರು.
